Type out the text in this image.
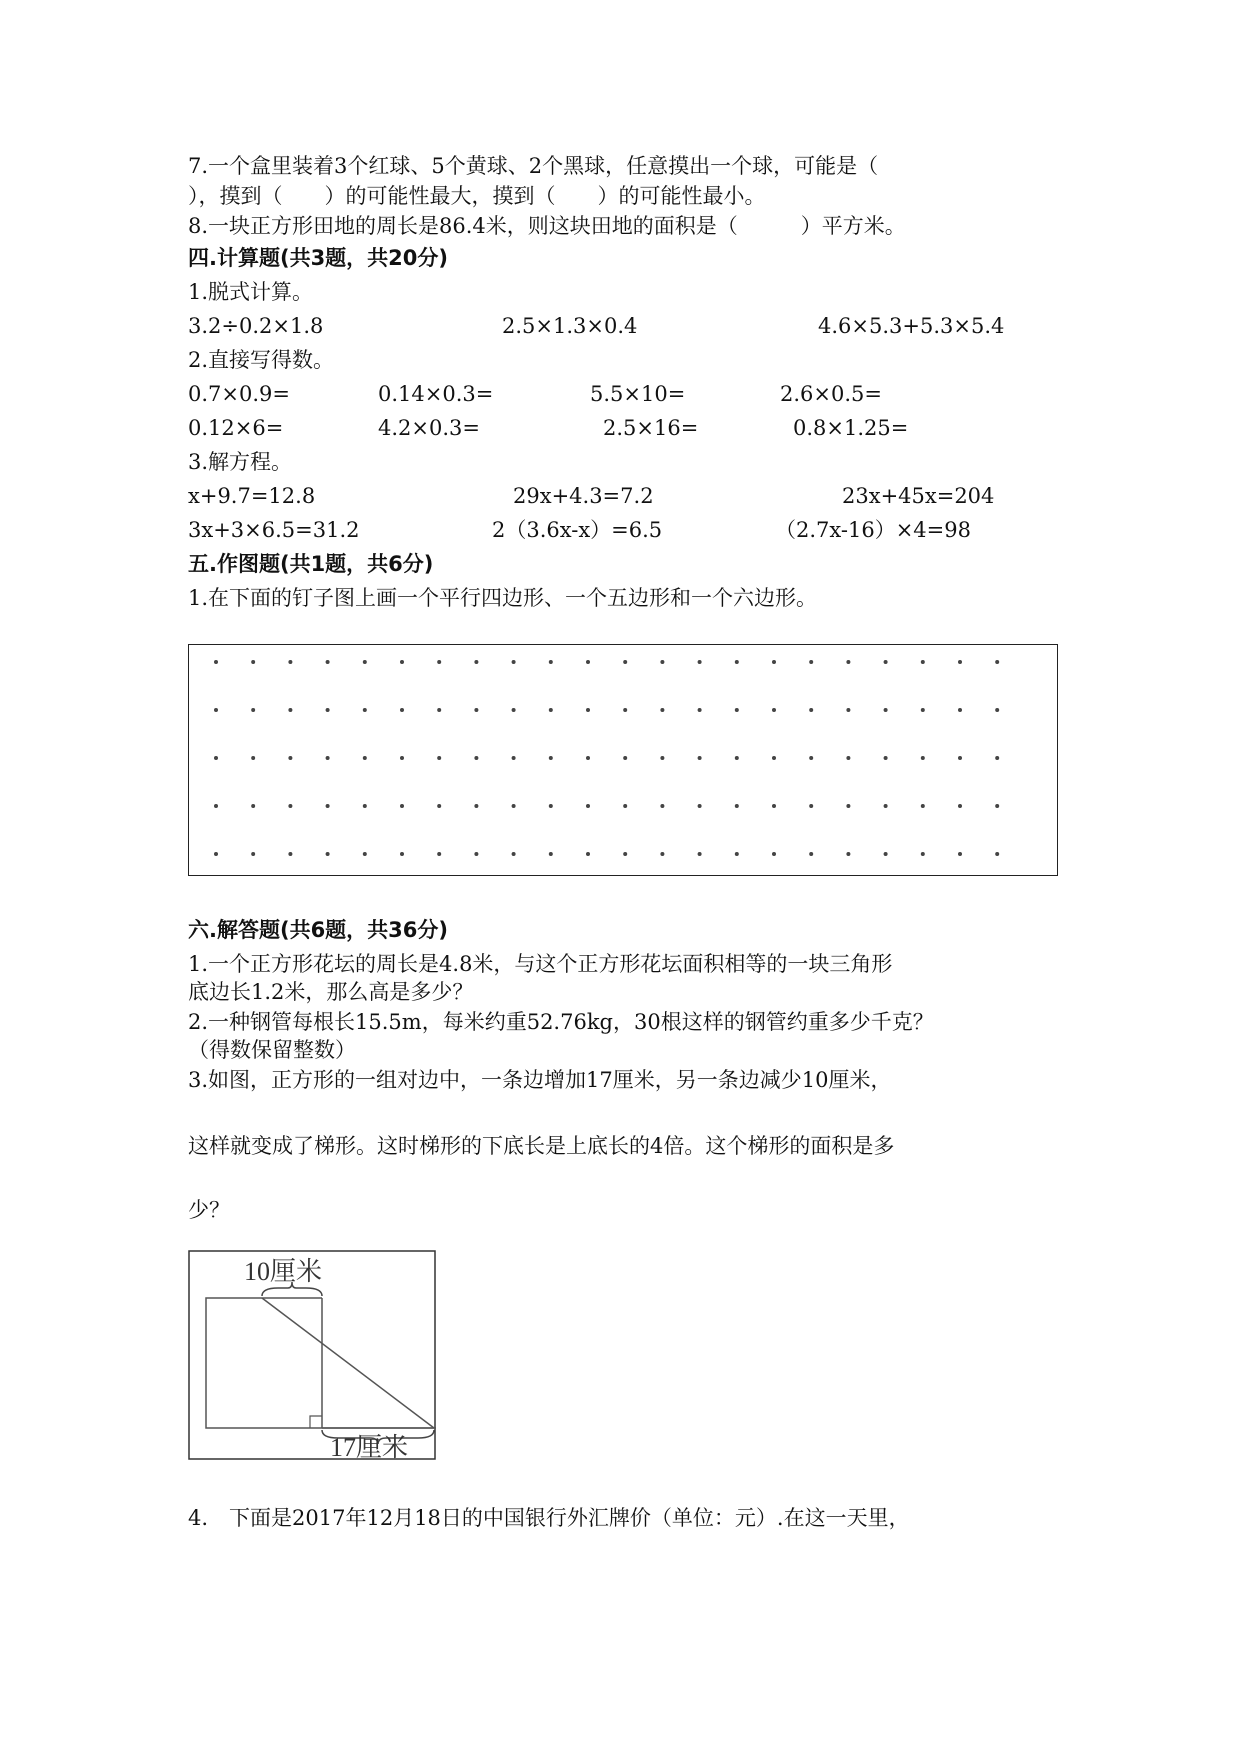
7.一个盒里装着3个红球、5个黄球、2个黑球，任意摸出一个球，可能是（
），摸到（　　）的可能性最大，摸到（　　）的可能性最小。
8.一块正方形田地的周长是86.4米，则这块田地的面积是（　　　）平方米。
四.计算题(共3题，共20分)
1.脱式计算。
3.2÷0.2×1.8	2.5×1.3×0.4	4.6×5.3+5.3×5.4
2.直接写得数。
0.7×0.9=	0.14×0.3=	5.5×10=	2.6×0.5=
0.12×6=	4.2×0.3=	2.5×16=	0.8×1.25=
3.解方程。
x+9.7=12.8	29x+4.3=7.2	23x+45x=204
3x+3×6.5=31.2	2（3.6x-x）=6.5	（2.7x-16）×4=98
五.作图题(共1题，共6分)
1.在下面的钉子图上画一个平行四边形、一个五边形和一个六边形。
六.解答题(共6题，共36分)
1.一个正方形花坛的周长是4.8米，与这个正方形花坛面积相等的一块三角形
底边长1.2米，那么高是多少？
2.一种钢管每根长15.5m，每米约重52.76kg，30根这样的钢管约重多少千克？
（得数保留整数）
3.如图，正方形的一组对边中，一条边增加17厘米，另一条边减少10厘米，
这样就变成了梯形。这时梯形的下底长是上底长的4倍。这个梯形的面积是多
少？
10厘米
17厘米
4.　下面是2017年12月18日的中国银行外汇牌价（单位：元）.在这一天里，
